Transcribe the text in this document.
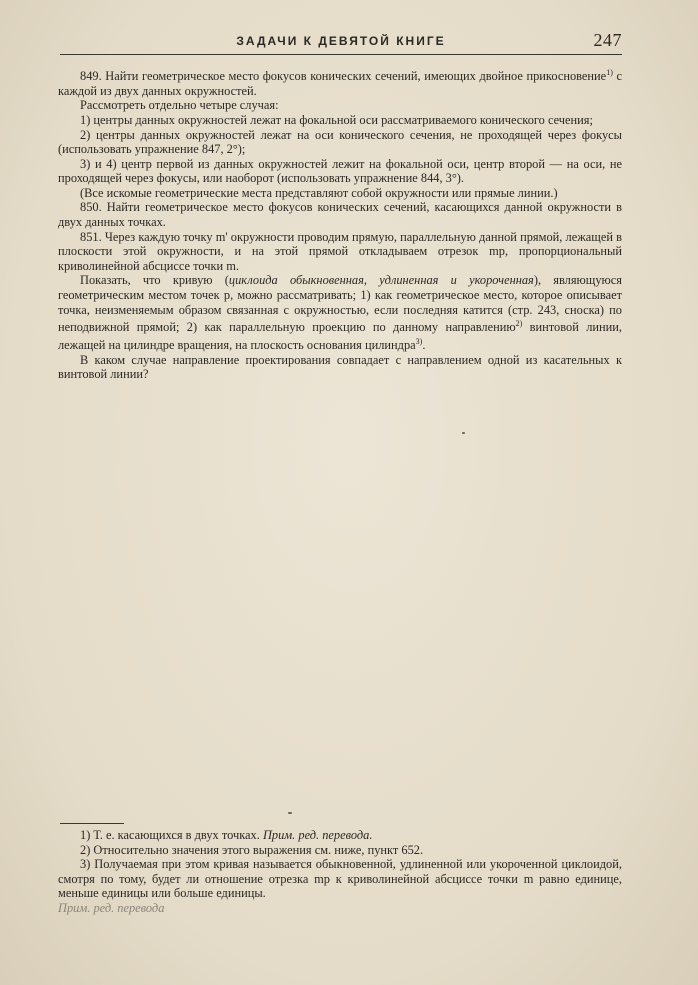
ЗАДАЧИ К ДЕВЯТОЙ КНИГЕ	247

849. Найти геометрическое место фокусов конических сечений, имеющих двойное прикосновение$^{1)}$ с каждой из двух данных окружностей.

Рассмотреть отдельно четыре случая:

1) центры данных окружностей лежат на фокальной оси рассматриваемого конического сечения;

2) центры данных окружностей лежат на оси конического сечения, не проходящей через фокусы (использовать упражнение 847, 2°);

3) и 4) центр первой из данных окружностей лежит на фокальной оси, центр второй — на оси, не проходящей через фокусы, или наоборот (использовать упражнение 844, 3°).

(Все искомые геометрические места представляют собой окружности или прямые линии.)

850. Найти геометрическое место фокусов конических сечений, касающихся данной окружности в двух данных точках.

851. Через каждую точку m' окружности проводим прямую, параллельную данной прямой, лежащей в плоскости этой окружности, и на этой прямой откладываем отрезок mp, пропорциональный криволинейной абсциссе точки m.

Показать, что кривую (циклоида обыкновенная, удлиненная и укороченная), являющуюся геометрическим местом точек p, можно рассматривать; 1) как геометрическое место, которое описывает точка, неизменяемым образом связанная с окружностью, если последняя катится (стр. 243, сноска) по неподвижной прямой; 2) как параллельную проекцию по данному направлению$^{2)}$ винтовой линии, лежащей на цилиндре вращения, на плоскость основания цилиндра$^{3)}$.

В каком случае направление проектирования совпадает с направлением одной из касательных к винтовой линии?

1) Т. е. касающихся в двух точках. Прим. ред. перевода.

2) Относительно значения этого выражения см. ниже, пункт 652.

3) Получаемая при этом кривая называется обыкновенной, удлиненной или укороченной циклоидой, смотря по тому, будет ли отношение отрезка mp к криволинейной абсциссе точки m равно единице, меньше единицы или больше единицы.

Прим. ред. перевода
